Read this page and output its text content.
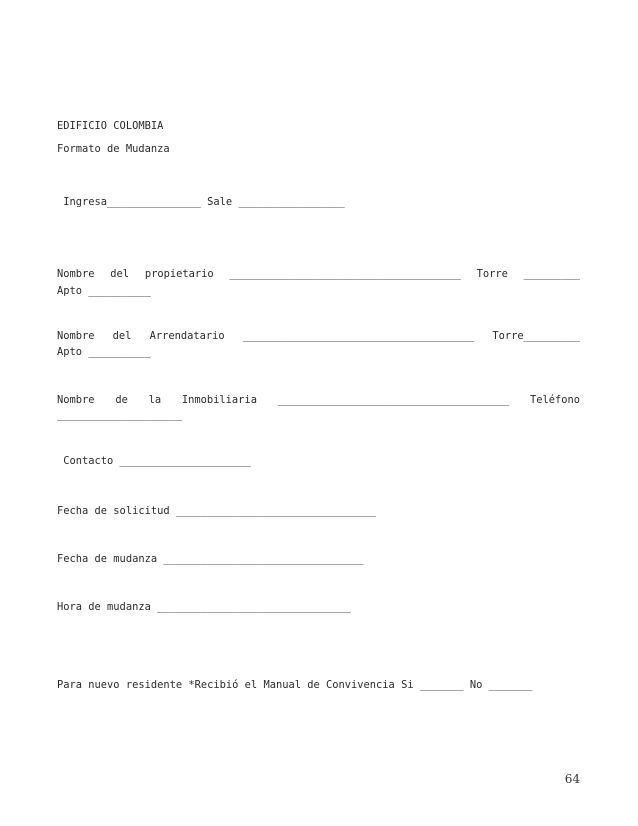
EDIFICIO COLOMBIA
Formato de Mudanza
Ingresa_______________ Sale _________________
Nombre del propietario _____________________________________ Torre _________
Apto __________
Nombre del Arrendatario _____________________________________ Torre_________
Apto __________
Nombre de la Inmobiliaria _____________________________________ Teléfono
____________________
Contacto _____________________
Fecha de solicitud ________________________________
Fecha de mudanza ________________________________
Hora de mudanza _______________________________
Para nuevo residente *Recibió el Manual de Convivencia Si _______ No _______
64
